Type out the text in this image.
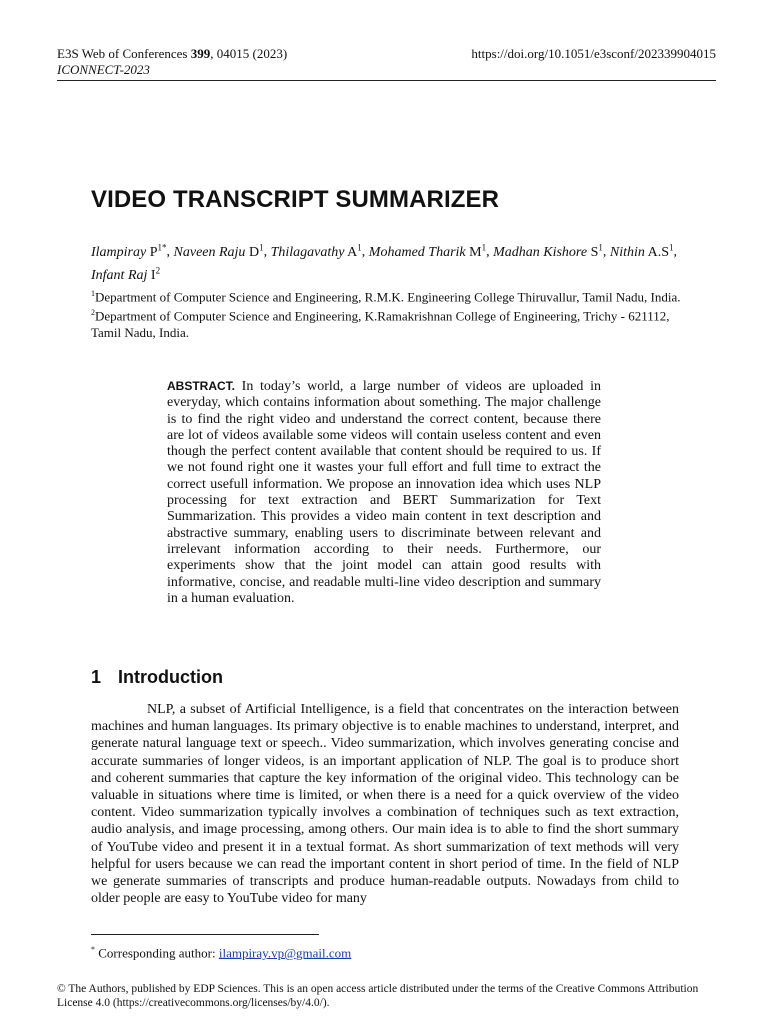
E3S Web of Conferences 399, 04015 (2023)
ICONNECT-2023
https://doi.org/10.1051/e3sconf/202339904015
VIDEO TRANSCRIPT SUMMARIZER
Ilampiray $P^{1*}$, Naveen Raju $D^1$, Thilagavathy $A^1$, Mohamed Tharik $M^1$, Madhan Kishore $S^1$, Nithin $A.S^1$, Infant Raj $I^2$
$^1$Department of Computer Science and Engineering, R.M.K. Engineering College Thiruvallur, Tamil Nadu, India.
$^2$Department of Computer Science and Engineering, K.Ramakrishnan College of Engineering, Trichy - 621112, Tamil Nadu, India.
ABSTRACT. In today’s world, a large number of videos are uploaded in everyday, which contains information about something. The major challenge is to find the right video and understand the correct content, because there are lot of videos available some videos will contain useless content and even though the perfect content available that content should be required to us. If we not found right one it wastes your full effort and full time to extract the correct usefull information. We propose an innovation idea which uses NLP processing for text extraction and BERT Summarization for Text Summarization. This provides a video main content in text description and abstractive summary, enabling users to discriminate between relevant and irrelevant information according to their needs. Furthermore, our experiments show that the joint model can attain good results with informative, concise, and readable multi-line video description and summary in a human evaluation.
1 Introduction
NLP, a subset of Artificial Intelligence, is a field that concentrates on the interaction between machines and human languages. Its primary objective is to enable machines to understand, interpret, and generate natural language text or speech.. Video summarization, which involves generating concise and accurate summaries of longer videos, is an important application of NLP. The goal is to produce short and coherent summaries that capture the key information of the original video. This technology can be valuable in situations where time is limited, or when there is a need for a quick overview of the video content. Video summarization typically involves a combination of techniques such as text extraction, audio analysis, and image processing, among others. Our main idea is to able to find the short summary of YouTube video and present it in a textual format. As short summarization of text methods will very helpful for users because we can read the important content in short period of time. In the field of NLP we generate summaries of transcripts and produce human-readable outputs. Nowadays from child to older people are easy to YouTube video for many
* Corresponding author: ilampiray.vp@gmail.com
© The Authors, published by EDP Sciences. This is an open access article distributed under the terms of the Creative Commons Attribution License 4.0 (https://creativecommons.org/licenses/by/4.0/).
